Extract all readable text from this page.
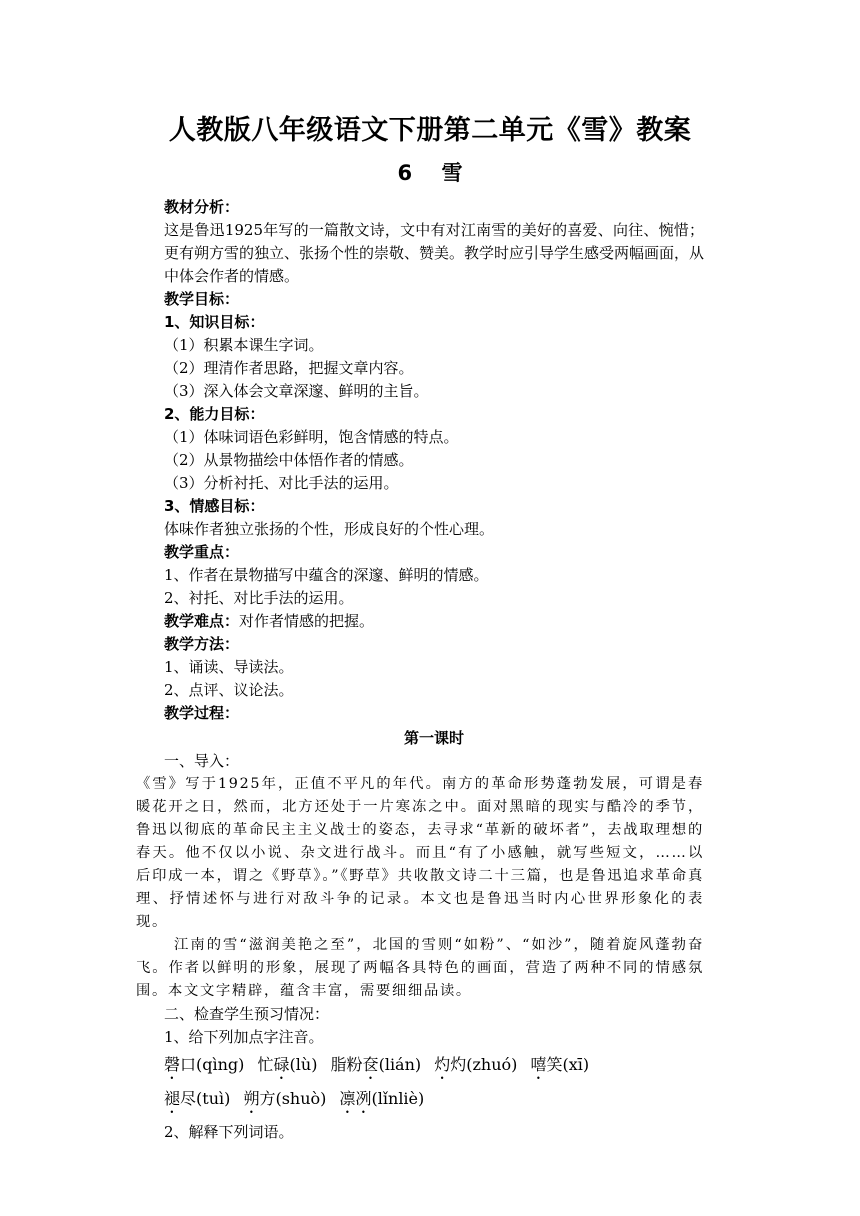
人教版八年级语文下册第二单元《雪》教案
6 雪

教材分析：

这是鲁迅1925年写的一篇散文诗，文中有对江南雪的美好的喜爱、向往、惋惜；更有朔方雪的独立、张扬个性的崇敬、赞美。教学时应引导学生感受两幅画面，从中体会作者的情感。

教学目标：

1、知识目标：

（1）积累本课生字词。

（2）理清作者思路，把握文章内容。

（3）深入体会文章深邃、鲜明的主旨。

2、能力目标：

（1）体味词语色彩鲜明，饱含情感的特点。

（2）从景物描绘中体悟作者的情感。

（3）分析衬托、对比手法的运用。

3、情感目标：

体味作者独立张扬的个性，形成良好的个性心理。

教学重点：

1、作者在景物描写中蕴含的深邃、鲜明的情感。

2、衬托、对比手法的运用。

教学难点：对作者情感的把握。

教学方法：

1、诵读、导读法。

2、点评、议论法。

教学过程：

第一课时

一、导入：

《雪》写于1925年，正值不平凡的年代。南方的革命形势蓬勃发展，可谓是春暖花开之日，然而，北方还处于一片寒冻之中。面对黑暗的现实与酷冷的季节，鲁迅以彻底的革命民主主义战士的姿态，去寻求“革新的破坏者”，去战取理想的春天。他不仅以小说、杂文进行战斗。而且“有了小感触，就写些短文，……以后印成一本，谓之《野草》。”《野草》共收散文诗二十三篇，也是鲁迅追求革命真理、抒情述怀与进行对敌斗争的记录。本文也是鲁迅当时内心世界形象化的表现。

江南的雪“滋润美艳之至”，北国的雪则“如粉”、“如沙”，随着旋风蓬勃奋飞。作者以鲜明的形象，展现了两幅各具特色的画面，营造了两种不同的情感氛围。本文文字精辟，蕴含丰富，需要细细品读。

二、检查学生预习情况：

1、给下列加点字注音。

磬口(qìng) 忙碌(lù) 脂粉奁(lián) 灼灼(zhuó) 嘻笑(xī)

褪尽(tuì) 朔方(shuò) 凛冽(lǐnliè)

2、解释下列词语。
